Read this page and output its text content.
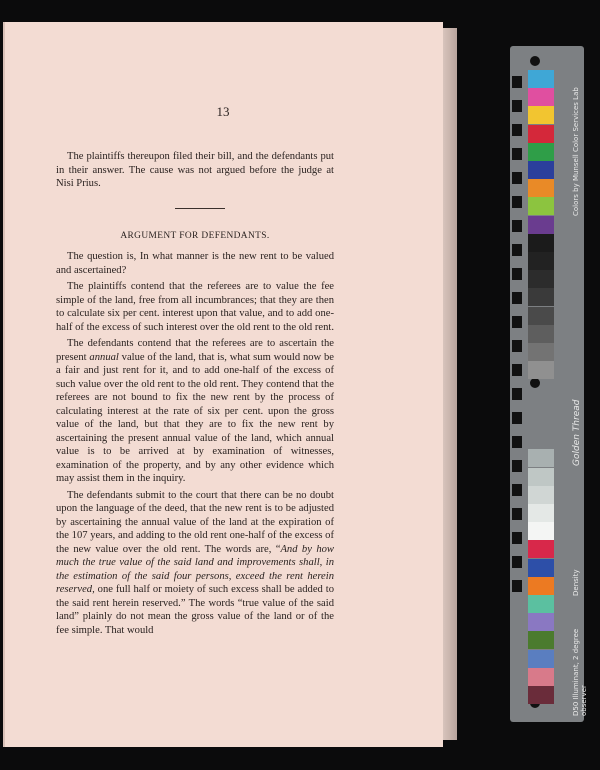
13

The plaintiffs thereupon filed their bill, and the defendants put in their answer. The cause was not argued before the judge at Nisi Prius.

ARGUMENT FOR DEFENDANTS.

The question is, In what manner is the new rent to be valued and ascertained?

The plaintiffs contend that the referees are to value the fee simple of the land, free from all incumbrances; that they are then to calculate six per cent. interest upon that value, and to add one-half of the excess of such interest over the old rent to the old rent.

The defendants contend that the referees are to ascertain the present annual value of the land, that is, what sum would now be a fair and just rent for it, and to add one-half of the excess of such value over the old rent to the old rent. They contend that the referees are not bound to fix the new rent by the process of calculating interest at the rate of six per cent. upon the gross value of the land, but that they are to fix the new rent by ascertaining the present annual value of the land, which annual value is to be arrived at by examination of witnesses, examination of the property, and by any other evidence which may assist them in the inquiry.

The defendants submit to the court that there can be no doubt upon the language of the deed, that the new rent is to be adjusted by ascertaining the annual value of the land at the expiration of the 107 years, and adding to the old rent one-half of the excess of the new value over the old rent. The words are, “And by how much the true value of the said land and improvements shall, in the estimation of the said four persons, exceed the rent herein reserved, one full half or moiety of such excess shall be added to the said rent herein reserved.” The words “true value of the said land” plainly do not mean the gross value of the land or of the fee simple. That would

Colors by Munsell Color Services Lab
Golden Thread
Density
D50 Illuminant, 2 degree observer
